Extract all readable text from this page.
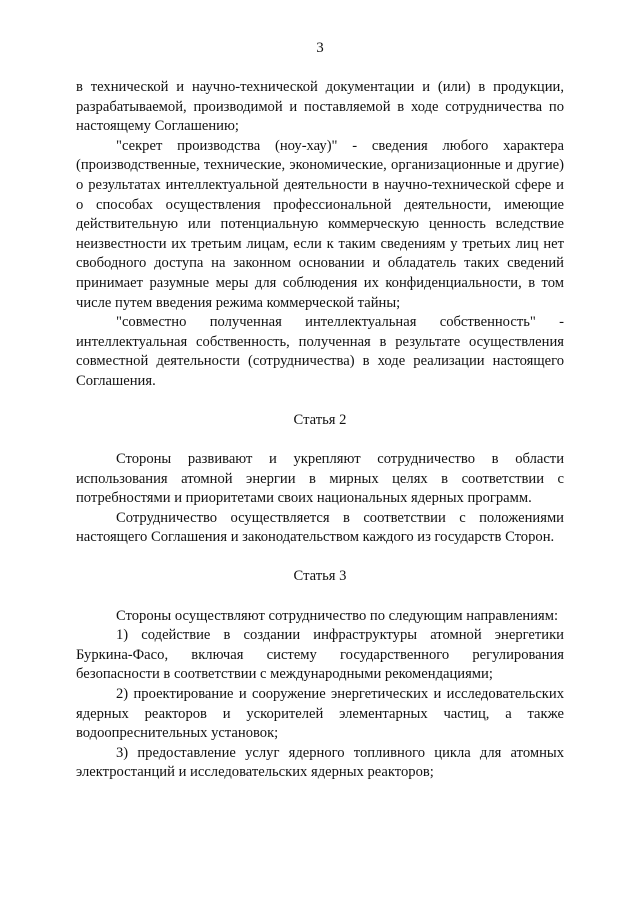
3

в технической и научно-технической документации и (или) в продукции, разрабатываемой, производимой и поставляемой в ходе сотрудничества по настоящему Соглашению;

"секрет производства (ноу-хау)" - сведения любого характера (производственные, технические, экономические, организационные и другие) о результатах интеллектуальной деятельности в научно-технической сфере и о способах осуществления профессиональной деятельности, имеющие действительную или потенциальную коммерческую ценность вследствие неизвестности их третьим лицам, если к таким сведениям у третьих лиц нет свободного доступа на законном основании и обладатель таких сведений принимает разумные меры для соблюдения их конфиденциальности, в том числе путем введения режима коммерческой тайны;

"совместно полученная интеллектуальная собственность" - интеллектуальная собственность, полученная в результате осуществления совместной деятельности (сотрудничества) в ходе реализации настоящего Соглашения.

Статья 2

Стороны развивают и укрепляют сотрудничество в области использования атомной энергии в мирных целях в соответствии с потребностями и приоритетами своих национальных ядерных программ.

Сотрудничество осуществляется в соответствии с положениями настоящего Соглашения и законодательством каждого из государств Сторон.

Статья 3

Стороны осуществляют сотрудничество по следующим направлениям:

1) содействие в создании инфраструктуры атомной энергетики Буркина-Фасо, включая систему государственного регулирования безопасности в соответствии с международными рекомендациями;

2) проектирование и сооружение энергетических и исследовательских ядерных реакторов и ускорителей элементарных частиц, а также водоопреснительных установок;

3) предоставление услуг ядерного топливного цикла для атомных электростанций и исследовательских ядерных реакторов;
